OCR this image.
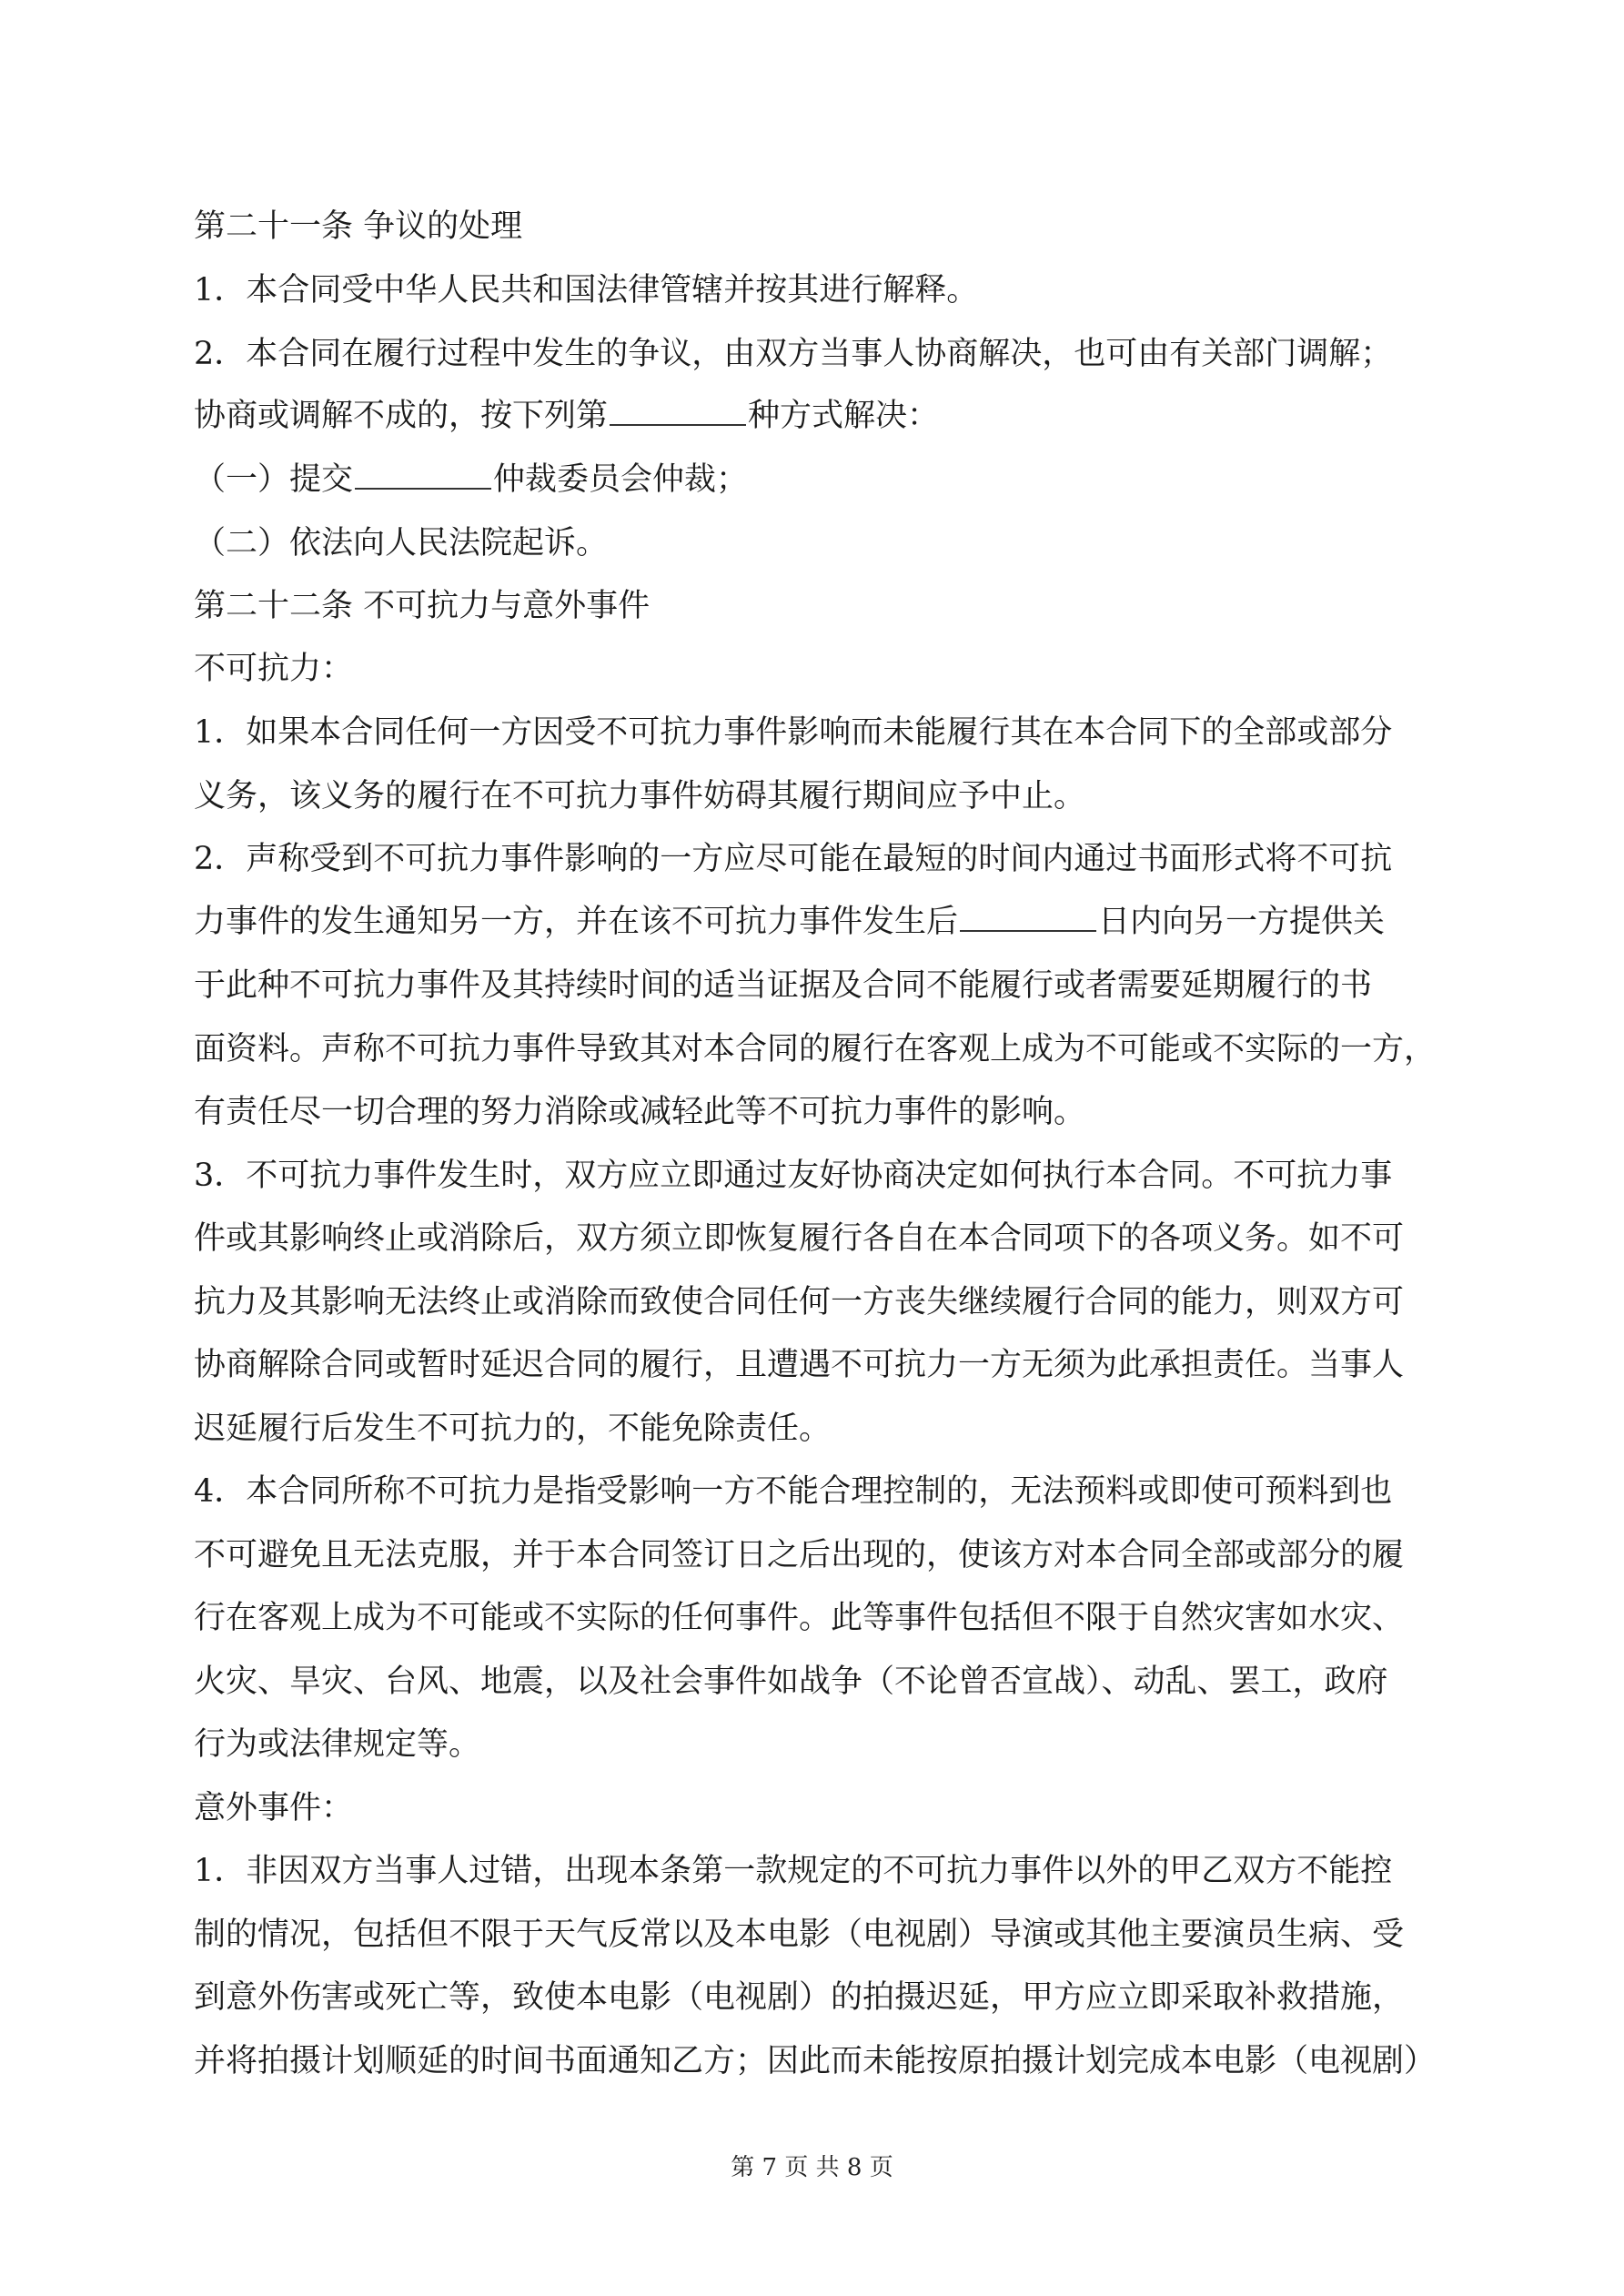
第二十一条 争议的处理
1．本合同受中华人民共和国法律管辖并按其进行解释。
2．本合同在履行过程中发生的争议，由双方当事人协商解决，也可由有关部门调解；
协商或调解不成的，按下列第	种方式解决：
（一）提交	仲裁委员会仲裁；
（二）依法向人民法院起诉。
第二十二条 不可抗力与意外事件
不可抗力：
1．如果本合同任何一方因受不可抗力事件影响而未能履行其在本合同下的全部或部分
义务，该义务的履行在不可抗力事件妨碍其履行期间应予中止。
2．声称受到不可抗力事件影响的一方应尽可能在最短的时间内通过书面形式将不可抗
力事件的发生通知另一方，并在该不可抗力事件发生后	日内向另一方提供关
于此种不可抗力事件及其持续时间的适当证据及合同不能履行或者需要延期履行的书
面资料。声称不可抗力事件导致其对本合同的履行在客观上成为不可能或不实际的一方，
有责任尽一切合理的努力消除或减轻此等不可抗力事件的影响。
3．不可抗力事件发生时，双方应立即通过友好协商决定如何执行本合同。不可抗力事
件或其影响终止或消除后，双方须立即恢复履行各自在本合同项下的各项义务。如不可
抗力及其影响无法终止或消除而致使合同任何一方丧失继续履行合同的能力，则双方可
协商解除合同或暂时延迟合同的履行，且遭遇不可抗力一方无须为此承担责任。当事人
迟延履行后发生不可抗力的，不能免除责任。
4．本合同所称不可抗力是指受影响一方不能合理控制的，无法预料或即使可预料到也
不可避免且无法克服，并于本合同签订日之后出现的，使该方对本合同全部或部分的履
行在客观上成为不可能或不实际的任何事件。此等事件包括但不限于自然灾害如水灾、
火灾、旱灾、台风、地震，以及社会事件如战争（不论曾否宣战）、动乱、罢工，政府
行为或法律规定等。
意外事件：
1．非因双方当事人过错，出现本条第一款规定的不可抗力事件以外的甲乙双方不能控
制的情况，包括但不限于天气反常以及本电影（电视剧）导演或其他主要演员生病、受
到意外伤害或死亡等，致使本电影（电视剧）的拍摄迟延，甲方应立即采取补救措施，
并将拍摄计划顺延的时间书面通知乙方；因此而未能按原拍摄计划完成本电影（电视剧）
第 7 页 共 8 页
